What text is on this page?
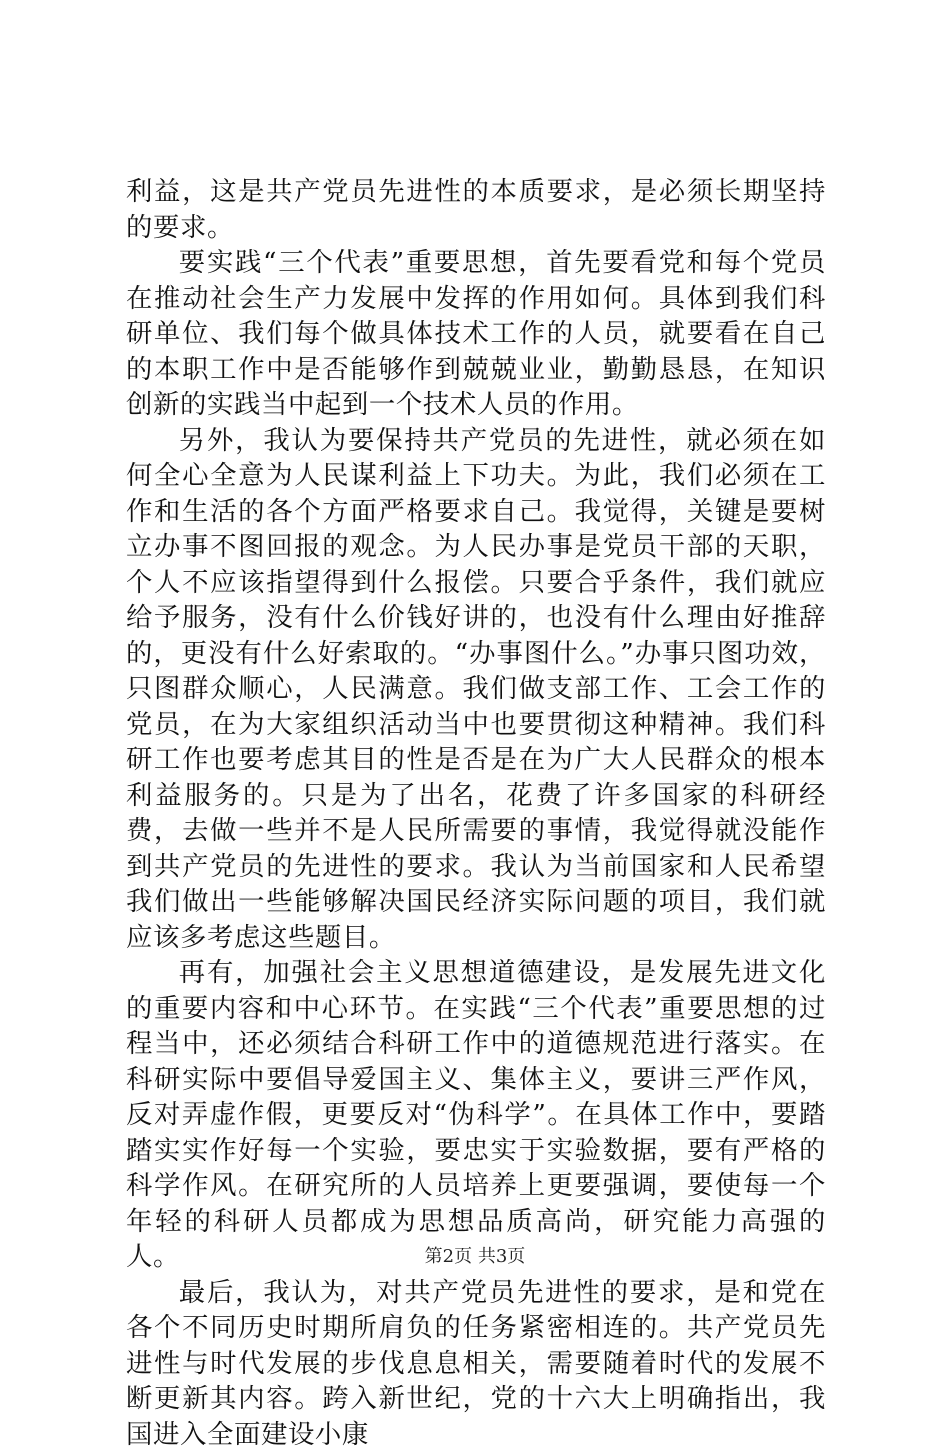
利益，这是共产党员先进性的本质要求，是必须长期坚持的要求。

要实践“三个代表”重要思想，首先要看党和每个党员在推动社会生产力发展中发挥的作用如何。具体到我们科研单位、我们每个做具体技术工作的人员，就要看在自己的本职工作中是否能够作到兢兢业业，勤勤恳恳，在知识创新的实践当中起到一个技术人员的作用。

另外，我认为要保持共产党员的先进性，就必须在如何全心全意为人民谋利益上下功夫。为此，我们必须在工作和生活的各个方面严格要求自己。我觉得，关键是要树立办事不图回报的观念。为人民办事是党员干部的天职，个人不应该指望得到什么报偿。只要合乎条件，我们就应给予服务，没有什么价钱好讲的，也没有什么理由好推辞的，更没有什么好索取的。“办事图什么。”办事只图功效，只图群众顺心，人民满意。我们做支部工作、工会工作的党员，在为大家组织活动当中也要贯彻这种精神。我们科研工作也要考虑其目的性是否是在为广大人民群众的根本利益服务的。只是为了出名，花费了许多国家的科研经费，去做一些并不是人民所需要的事情，我觉得就没能作到共产党员的先进性的要求。我认为当前国家和人民希望我们做出一些能够解决国民经济实际问题的项目，我们就应该多考虑这些题目。

再有，加强社会主义思想道德建设，是发展先进文化的重要内容和中心环节。在实践“三个代表”重要思想的过程当中，还必须结合科研工作中的道德规范进行落实。在科研实际中要倡导爱国主义、集体主义，要讲三严作风，反对弄虚作假，更要反对“伪科学”。在具体工作中，要踏踏实实作好每一个实验，要忠实于实验数据，要有严格的科学作风。在研究所的人员培养上更要强调，要使每一个年轻的科研人员都成为思想品质高尚，研究能力高强的人。

最后，我认为，对共产党员先进性的要求，是和党在各个不同历史时期所肩负的任务紧密相连的。共产党员先进性与时代发展的步伐息息相关，需要随着时代的发展不断更新其内容。跨入新世纪，党的十六大上明确指出，我国进入全面建设小康

第2页 共3页
